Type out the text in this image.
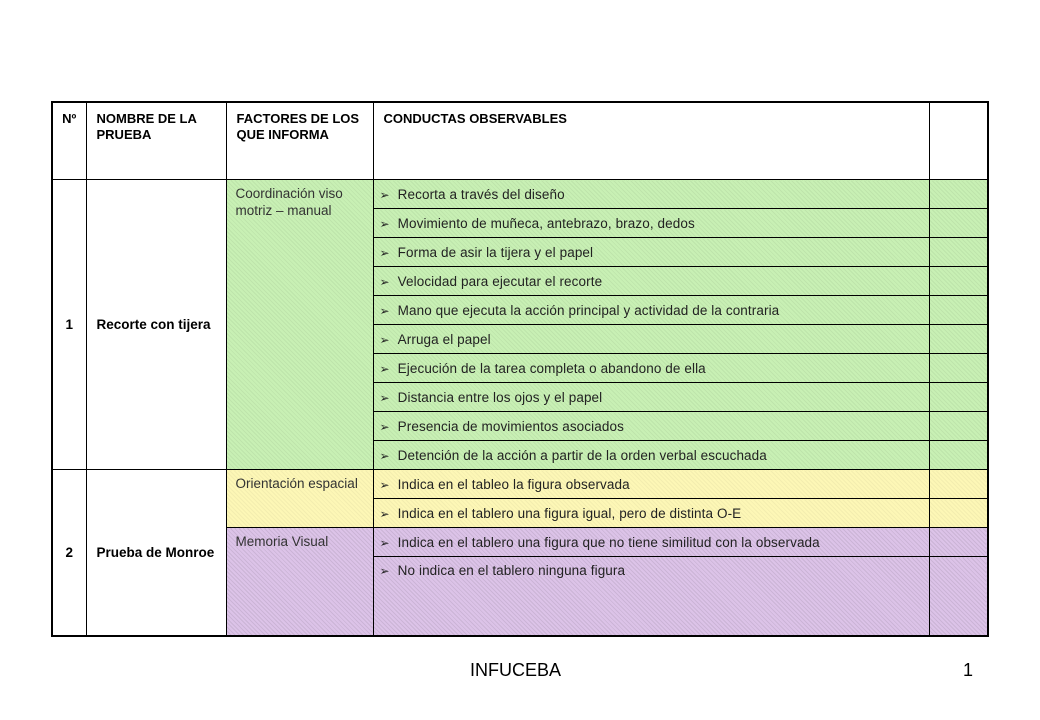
Nº	NOMBRE DE LA PRUEBA	FACTORES DE LOS QUE INFORMA	CONDUCTAS OBSERVABLES	
1	Recorte con tijera	Coordinación viso motriz – manual	➢ Recorta a través del diseño	
			➢ Movimiento de muñeca, antebrazo, brazo, dedos	
			➢ Forma de asir la tijera y el papel	
			➢ Velocidad para ejecutar el recorte	
			➢ Mano que ejecuta la acción principal y actividad de la contraria	
			➢ Arruga el papel	
			➢ Ejecución de la tarea completa o abandono de ella	
			➢ Distancia entre los ojos y el papel	
			➢ Presencia de movimientos asociados	
			➢ Detención de la acción a partir de la orden verbal escuchada	
2	Prueba de Monroe	Orientación espacial	➢ Indica en el tableo la figura observada	
			➢ Indica en el tablero una figura igual, pero de distinta O-E	
		Memoria Visual	➢ Indica en el tablero una figura que no tiene similitud con la observada	
			➢ No indica en el tablero ninguna figura	
INFUCEBA	1
